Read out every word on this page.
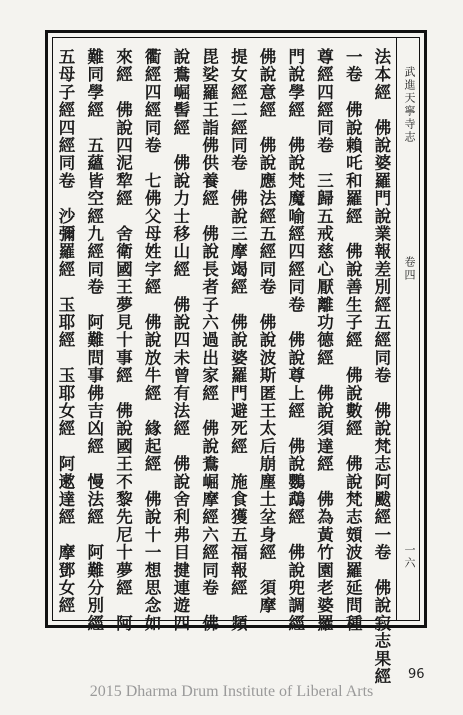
武進天寧寺志
卷四
一六
法本經　佛說婆羅門說業報差別經五經同卷　佛說梵志阿颰經一卷　佛說寂志果經
一卷　佛說賴吒和羅經　佛說善生子經　佛說數經　佛說梵志頞波羅延問種
尊經四經同卷　三歸五戒慈心厭離功德經　佛說須達經　佛為黃竹園老婆羅
門說學經　佛說梵魔喻經四經同卷　佛說尊上經　佛說鸚鵡經　佛說兜調經
佛說意經　佛說應法經五經同卷　佛說波斯匿王太后崩塵土坌身經　須摩
提女經二經同卷　佛說三摩竭經　佛說婆羅門避死經　施食獲五福報經　頻
毘娑羅王詣佛供養經　佛說長者子六過出家經　佛說鴦崛摩經六經同卷　佛
說鴦崛髻經　佛說力士移山經　佛說四未曾有法經　佛說舍利弗目揵連遊四
衢經四經同卷　七佛父母姓字經　佛說放牛經　緣起經　佛說十一想思念如
來經　佛說四泥犂經　舍衛國王夢見十事經　佛說國王不黎先尼十夢經　阿
難同學經　五蘊皆空經九經同卷　阿難問事佛吉凶經　慢法經　阿難分別經
五母子經四經同卷　沙彌羅經　玉耶經　玉耶女經　阿遬達經　摩鄧女經
96
2015 Dharma Drum Institute of Liberal Arts
